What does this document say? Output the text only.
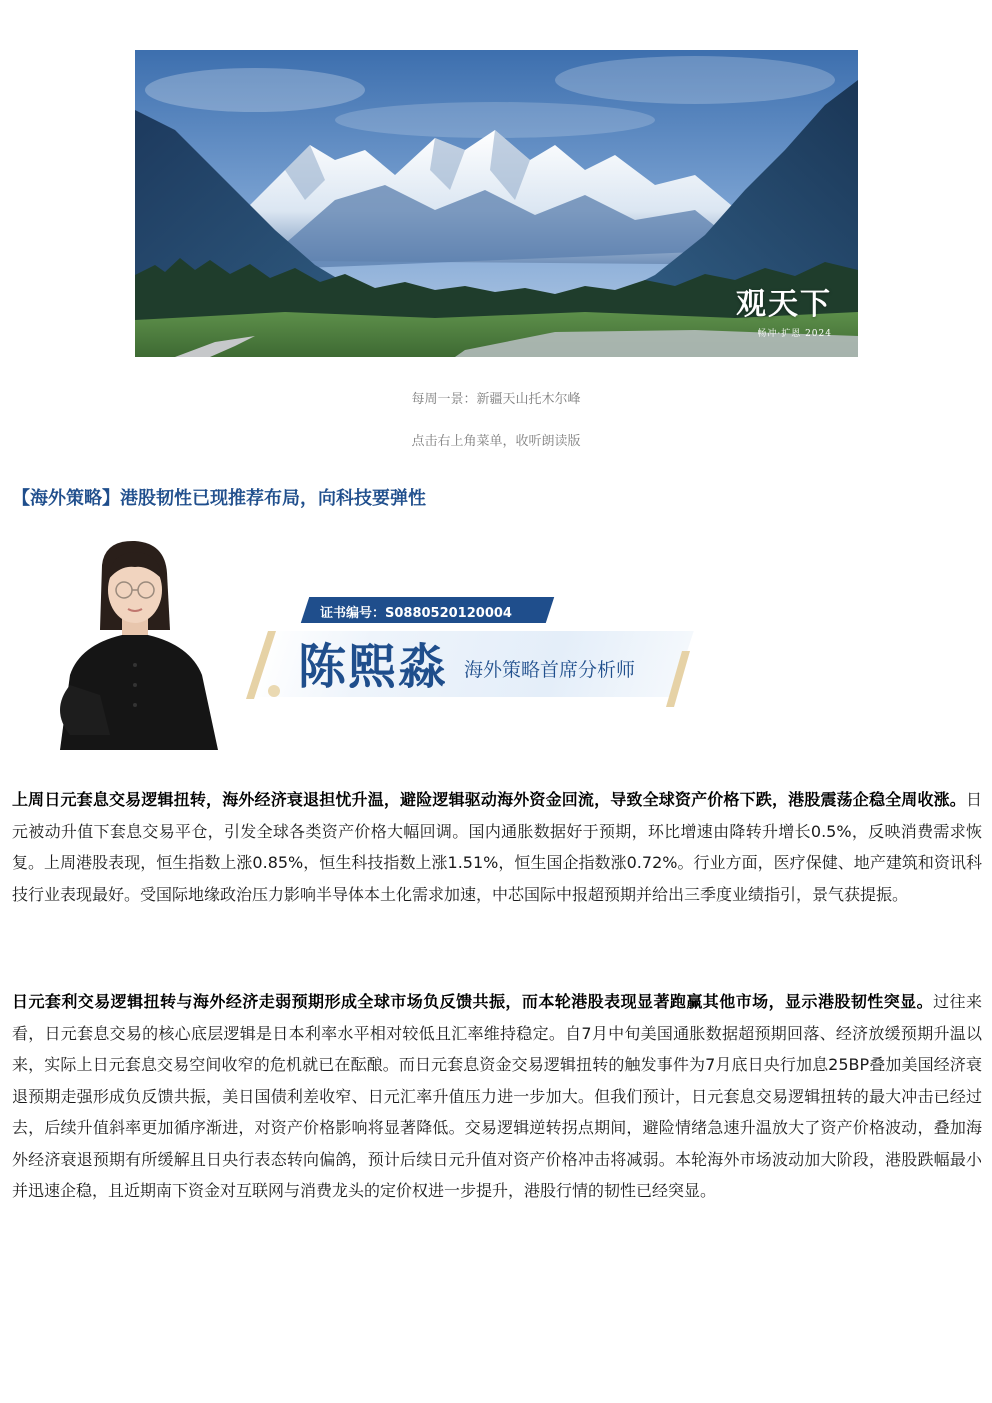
观天下
畅冲·扩恩 2024
每周一景：新疆天山托木尔峰
点击右上角菜单，收听朗读版
【海外策略】港股韧性已现推荐布局，向科技要弹性
证书编号：S0880520120004
陈熙淼 海外策略首席分析师

上周日元套息交易逻辑扭转，海外经济衰退担忧升温，避险逻辑驱动海外资金回流，导致全球资产价格下跌，港股震荡企稳全周收涨。日元被动升值下套息交易平仓，引发全球各类资产价格大幅回调。国内通胀数据好于预期，环比增速由降转升增长0.5%，反映消费需求恢复。上周港股表现，恒生指数上涨0.85%，恒生科技指数上涨1.51%，恒生国企指数涨0.72%。行业方面，医疗保健、地产建筑和资讯科技行业表现最好。受国际地缘政治压力影响半导体本土化需求加速，中芯国际中报超预期并给出三季度业绩指引，景气获提振。

日元套利交易逻辑扭转与海外经济走弱预期形成全球市场负反馈共振，而本轮港股表现显著跑赢其他市场，显示港股韧性突显。过往来看，日元套息交易的核心底层逻辑是日本利率水平相对较低且汇率维持稳定。自7月中旬美国通胀数据超预期回落、经济放缓预期升温以来，实际上日元套息交易空间收窄的危机就已在酝酿。而日元套息资金交易逻辑扭转的触发事件为7月底日央行加息25BP叠加美国经济衰退预期走强形成负反馈共振，美日国债利差收窄、日元汇率升值压力进一步加大。但我们预计，日元套息交易逻辑扭转的最大冲击已经过去，后续升值斜率更加循序渐进，对资产价格影响将显著降低。交易逻辑逆转拐点期间，避险情绪急速升温放大了资产价格波动，叠加海外经济衰退预期有所缓解且日央行表态转向偏鸽，预计后续日元升值对资产价格冲击将减弱。本轮海外市场波动加大阶段，港股跌幅最小并迅速企稳，且近期南下资金对互联网与消费龙头的定价权进一步提升，港股行情的韧性已经突显。
